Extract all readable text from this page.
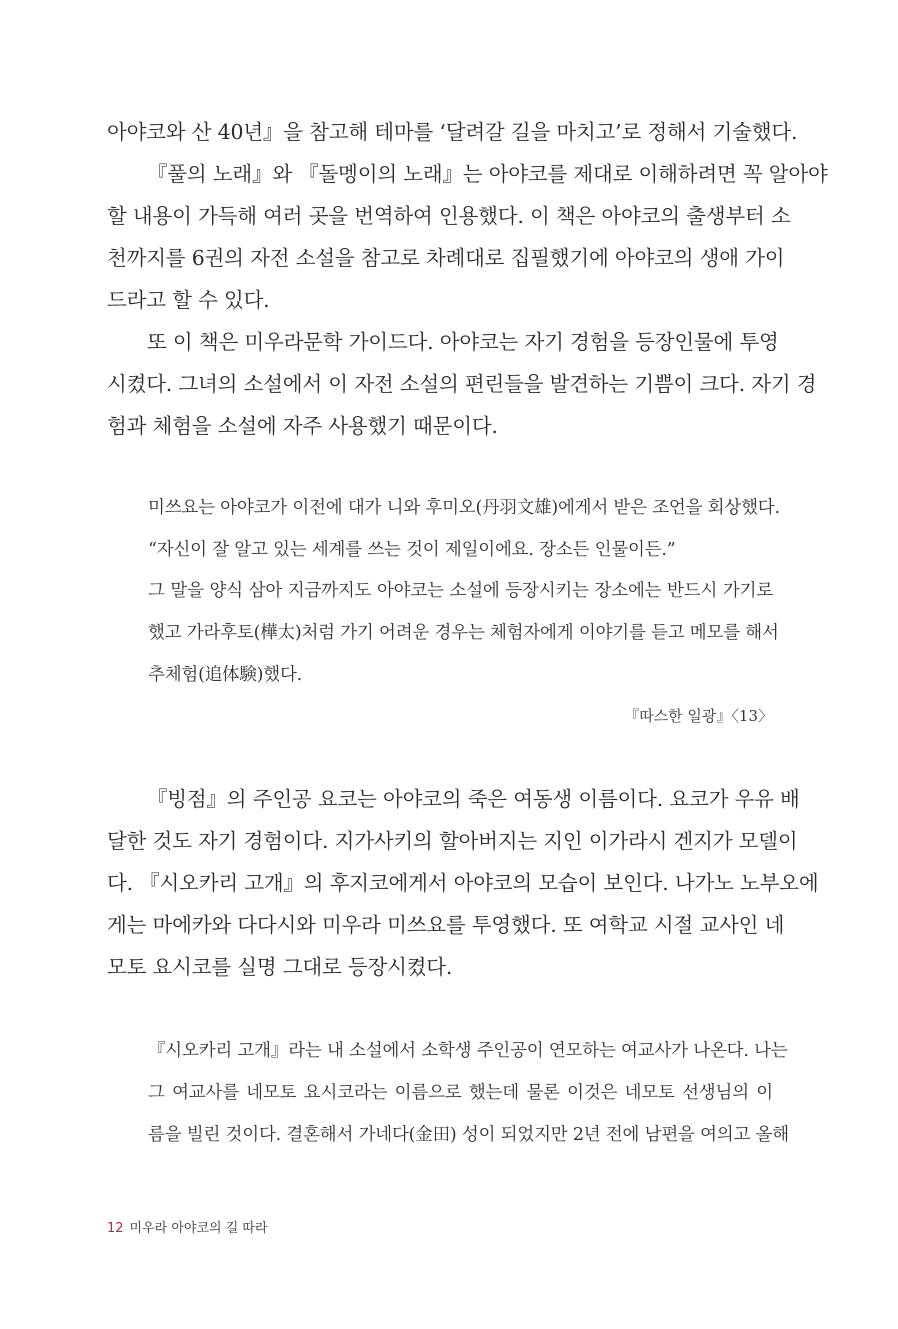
아야코와 산 40년』을 참고해 테마를 ‘달려갈 길을 마치고’로 정해서 기술했다.
『풀의 노래』와 『돌멩이의 노래』는 아야코를 제대로 이해하려면 꼭 알아야
할 내용이 가득해 여러 곳을 번역하여 인용했다. 이 책은 아야코의 출생부터 소
천까지를 6권의 자전 소설을 참고로 차례대로 집필했기에 아야코의 생애 가이
드라고 할 수 있다.
또 이 책은 미우라문학 가이드다. 아야코는 자기 경험을 등장인물에 투영
시켰다. 그녀의 소설에서 이 자전 소설의 편린들을 발견하는 기쁨이 크다. 자기 경
험과 체험을 소설에 자주 사용했기 때문이다.
미쓰요는 아야코가 이전에 대가 니와 후미오(丹羽文雄)에게서 받은 조언을 회상했다.
“자신이 잘 알고 있는 세계를 쓰는 것이 제일이에요. 장소든 인물이든.”
그 말을 양식 삼아 지금까지도 아야코는 소설에 등장시키는 장소에는 반드시 가기로
했고 가라후토(樺太)처럼 가기 어려운 경우는 체험자에게 이야기를 듣고 메모를 해서
추체험(追体験)했다.
『따스한 일광』〈13〉
『빙점』의 주인공 요코는 아야코의 죽은 여동생 이름이다. 요코가 우유 배
달한 것도 자기 경험이다. 지가사키의 할아버지는 지인 이가라시 겐지가 모델이
다. 『시오카리 고개』의 후지코에게서 아야코의 모습이 보인다. 나가노 노부오에
게는 마에카와 다다시와 미우라 미쓰요를 투영했다. 또 여학교 시절 교사인 네
모토 요시코를 실명 그대로 등장시켰다.
『시오카리 고개』라는 내 소설에서 소학생 주인공이 연모하는 여교사가 나온다. 나는
그 여교사를 네모토 요시코라는 이름으로 했는데 물론 이것은 네모토 선생님의 이
름을 빌린 것이다. 결혼해서 가네다(金田) 성이 되었지만 2년 전에 남편을 여의고 올해
12 미우라 아야코의 길 따라
